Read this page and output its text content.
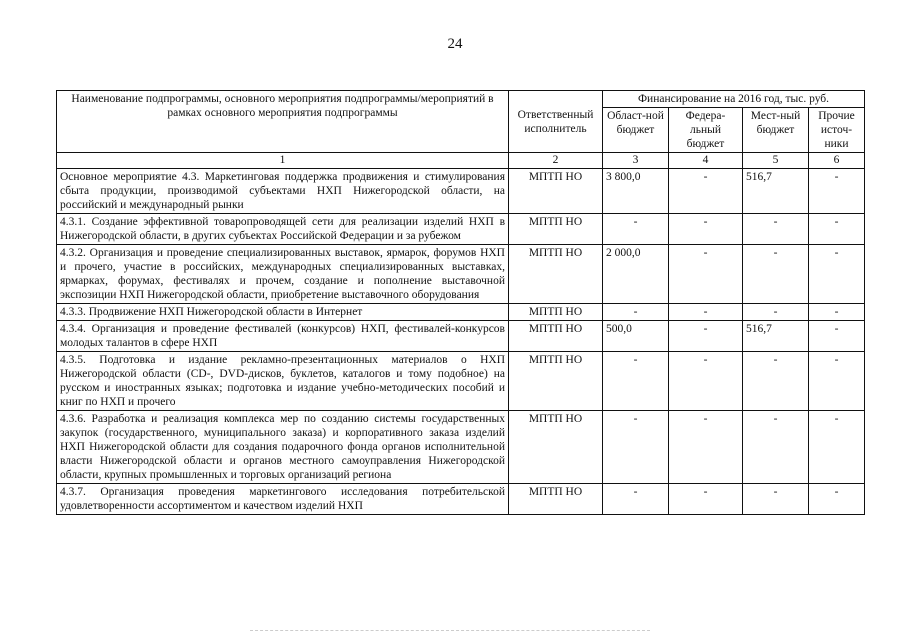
24
Наименование подпрограммы, основного мероприятия подпрограммы/мероприятий в рамках основного мероприятия подпрограммы	Ответственный исполнитель	Финансирование на 2016 год, тыс. руб.			
		Област-ной бюджет	Федера-льный бюджет	Мест-ный бюджет	Прочие источ-ники
1	2	3	4	5	6
Основное мероприятие 4.3. Маркетинговая поддержка продвижения и стимулирования сбыта продукции, производимой субъектами НХП Нижегородской области, на российский и международный рынки	МПТП НО	3 800,0	-	516,7	-
4.3.1. Создание эффективной товаропроводящей сети для реализации изделий НХП в Нижегородской области, в других субъектах Российской Федерации и за рубежом	МПТП НО	-	-	-	-
4.3.2. Организация и проведение специализированных выставок, ярмарок, форумов НХП и прочего, участие в российских, международных специализированных выставках, ярмарках, форумах, фестивалях и прочем, создание и пополнение выставочной экспозиции НХП Нижегородской области, приобретение выставочного оборудования	МПТП НО	2 000,0	-	-	-
4.3.3. Продвижение НХП Нижегородской области в Интернет	МПТП НО	-	-	-	-
4.3.4. Организация и проведение фестивалей (конкурсов) НХП, фестивалей-конкурсов молодых талантов в сфере НХП	МПТП НО	500,0	-	516,7	-
4.3.5. Подготовка и издание рекламно-презентационных материалов о НХП Нижегородской области (CD-, DVD-дисков, буклетов, каталогов и тому подобное) на русском и иностранных языках; подготовка и издание учебно-методических пособий и книг по НХП и прочего	МПТП НО	-	-	-	-
4.3.6. Разработка и реализация комплекса мер по созданию системы государственных закупок (государственного, муниципального заказа) и корпоративного заказа изделий НХП Нижегородской области для создания подарочного фонда органов исполнительной власти Нижегородской области и органов местного самоуправления Нижегородской области, крупных промышленных и торговых организаций региона	МПТП НО	-	-	-	-
4.3.7. Организация проведения маркетингового исследования потребительской удовлетворенности ассортиментом и качеством изделий НХП	МПТП НО	-	-	-	-
